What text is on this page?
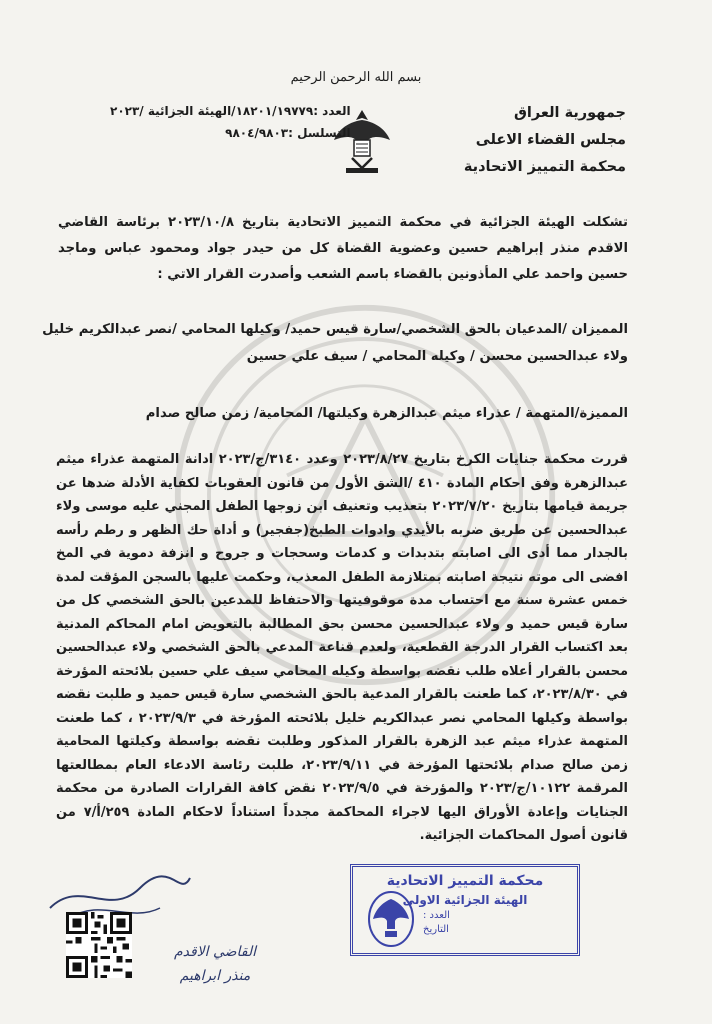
بسم الله الرحمن الرحيم
جمهورية العراق
مجلس القضاء الاعلى
محكمة التمييز الاتحادية
العدد :١٨٢٠١/١٩٧٧٩/الهيئة الجزائية /٢٠٢٣
التسلسل :٩٨٠٤/٩٨٠٣
تشكلت الهيئة الجزائية في محكمة التمييز الاتحادية بتاريخ ٢٠٢٣/١٠/٨ برئاسة القاضي الاقدم منذر إبراهيم حسين وعضوية القضاة كل من حيدر جواد ومحمود عباس وماجد حسين واحمد علي المأذونين بالقضاء باسم الشعب وأصدرت القرار الاتي :
المميزان /المدعيان بالحق الشخصي/سارة قيس حميد/ وكيلها المحامي /نصر عبدالكريم خليل
ولاء عبدالحسين محسن / وكيله المحامي / سيف علي حسين
المميزة/المتهمة / عذراء ميثم عبدالزهرة وكيلتها/ المحامية/ زمن صالح صدام
قررت محكمة جنايات الكرخ بتاريخ ٢٠٢٣/٨/٢٧ وعدد ٣١٤٠/ج/٢٠٢٣ ادانة المتهمة عذراء ميثم عبدالزهرة وفق احكام المادة ٤١٠ /الشق الأول من قانون العقوبات لكفاية الأدلة ضدها عن جريمة قيامها بتاريخ ٢٠٢٣/٧/٢٠ بتعذيب وتعنيف ابن زوجها الطفل المجني عليه موسى ولاء عبدالحسين عن طريق ضربه بالأيدي وادوات الطبخ(جفجير) و أداة حك الظهر و رطم رأسه بالجدار مما أدى الى اصابته بتدبدات و كدمات وسحجات و جروح و انزفة دموية في المخ افضى الى موته نتيجة اصابته بمتلازمة الطفل المعذب، وحكمت عليها بالسجن المؤقت لمدة خمس عشرة سنة مع احتساب مدة موقوفيتها والاحتفاظ للمدعين بالحق الشخصي كل من سارة قيس حميد و ولاء عبدالحسين محسن بحق المطالبة بالتعويض امام المحاكم المدنية بعد اكتساب القرار الدرجة القطعية، ولعدم قناعة المدعي بالحق الشخصي ولاء عبدالحسين محسن بالقرار أعلاه طلب نقضه بواسطة وكيله المحامي سيف علي حسين بلائحته المؤرخة في ٢٠٢٣/٨/٣٠، كما طعنت بالقرار المدعية بالحق الشخصي سارة قيس حميد و طلبت نقضه بواسطة وكيلها المحامي نصر عبدالكريم خليل بلائحته المؤرخة في ٢٠٢٣/٩/٣ ، كما طعنت المتهمة عذراء ميثم عبد الزهرة بالقرار المذكور وطلبت نقضه بواسطة وكيلتها المحامية زمن صالح صدام بلائحتها المؤرخة في ٢٠٢٣/٩/١١، طلبت رئاسة الادعاء العام بمطالعتها المرقمة ١٠١٢٢/ج/٢٠٢٣ والمؤرخة في ٢٠٢٣/٩/٥ نقض كافة القرارات الصادرة من محكمة الجنايات وإعادة الأوراق اليها لاجراء المحاكمة مجدداً استناداً لاحكام المادة ٢٥٩/أ/٧ من قانون أصول المحاكمات الجزائية.
القاضي الاقدم
منذر ابراهيم
محكمة التمييز الاتحادية
الهيئة الجزائية الاولى
العدد :
التاريخ
